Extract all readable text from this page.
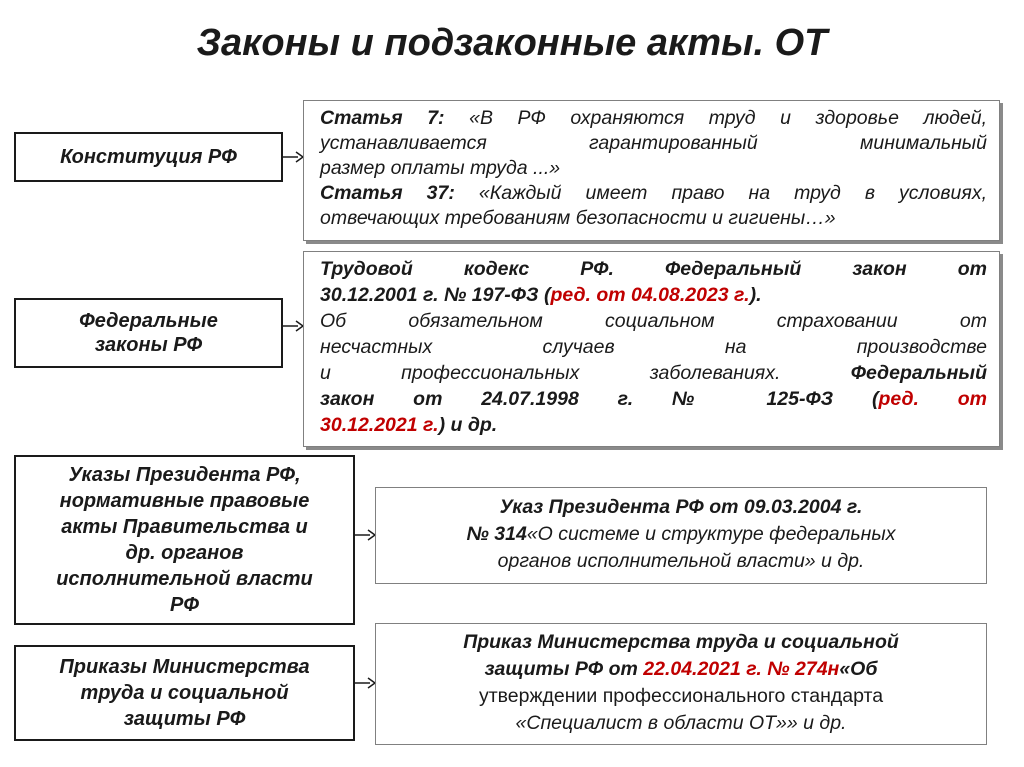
Законы и подзаконные акты. ОТ
Конституция РФ
Статья 7: «В РФ охраняются труд и здоровье людей,
устанавливается гарантированный минимальный
размер оплаты труда ...»
Статья 37: «Каждый имеет право на труд в условиях,
отвечающих требованиям безопасности и гигиены…»
Федеральные
законы РФ
Трудовой кодекс РФ. Федеральный закон от
30.12.2001 г. № 197-ФЗ (ред. от 04.08.2023 г.).
Об обязательном социальном страховании от
несчастных случаев на производстве
и профессиональных заболеваниях.	Федеральный
закон от 24.07.1998 г. № 125-ФЗ (ред. от
30.12.2021 г.) и др.
Указы Президента РФ,
нормативные правовые
акты Правительства и
др. органов
исполнительной власти
РФ
Указ Президента РФ от 09.03.2004 г.
№ 314«О системе и структуре федеральных
органов исполнительной власти» и др.
Приказы Министерства
труда и социальной
защиты РФ
Приказ Министерства труда и социальной
защиты РФ от 22.04.2021 г. № 274н«Об
утверждении профессионального стандарта
«Специалист в области ОТ»» и др.
